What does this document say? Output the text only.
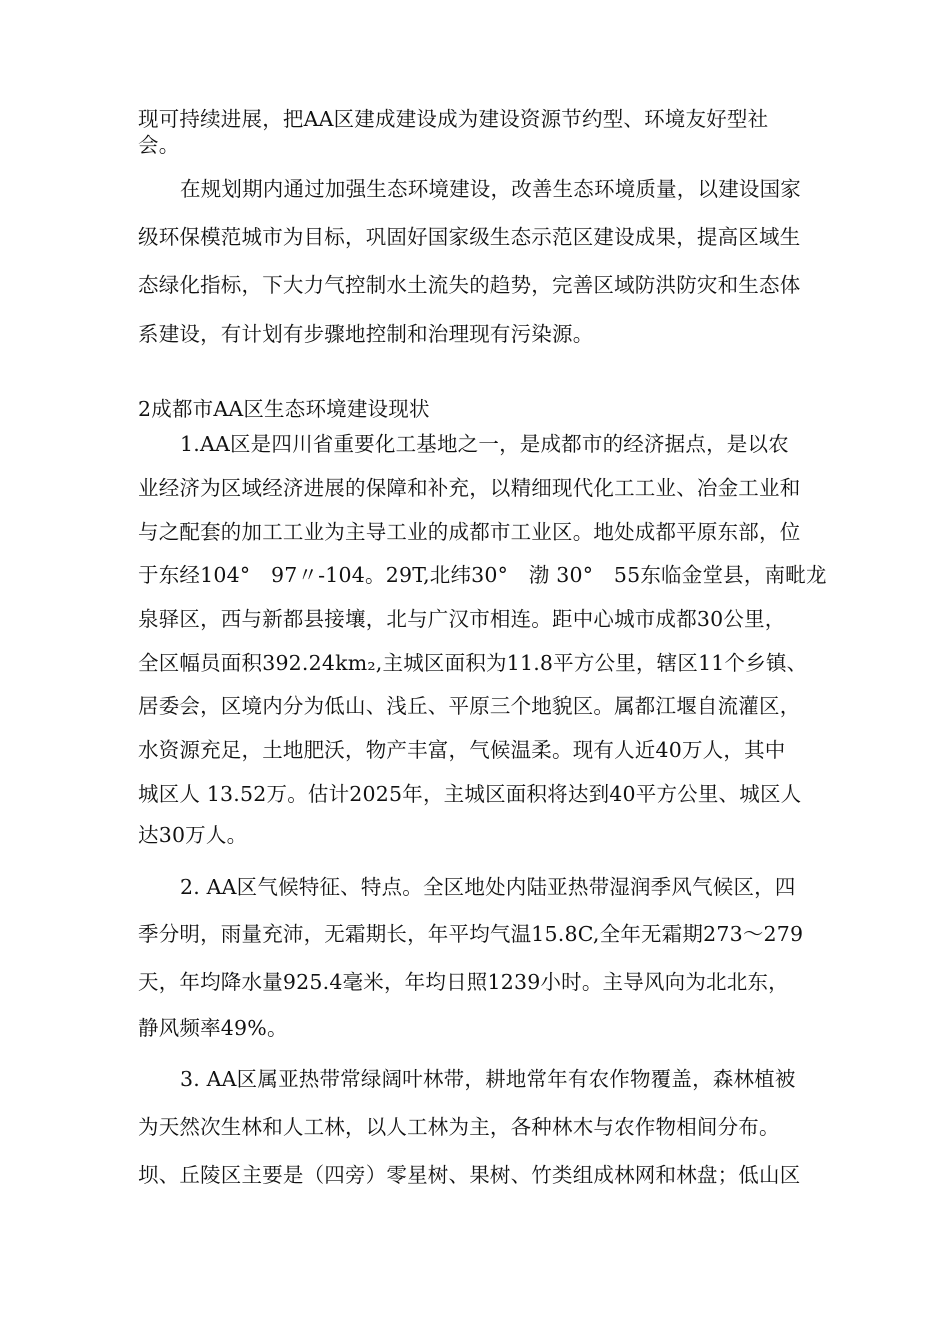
现可持续进展，把AA区建成建设成为建设资源节约型、环境友好型社
会。
在规划期内通过加强生态环境建设，改善生态环境质量，以建设国家
级环保模范城市为目标，巩固好国家级生态示范区建设成果，提高区域生
态绿化指标，下大力气控制水土流失的趋势，完善区域防洪防灾和生态体
系建设，有计划有步骤地控制和治理现有污染源。
2成都市AA区生态环境建设现状
1.AA区是四川省重要化工基地之一，是成都市的经济据点，是以农
业经济为区域经济进展的保障和补充，以精细现代化工工业、冶金工业和
与之配套的加工工业为主导工业的成都市工业区。地处成都平原东部，位
于东经104°　97〃-104。29T,北纬30°　渤 30°　55东临金堂县，南毗龙
泉驿区，西与新都县接壤，北与广汉市相连。距中心城市成都30公里，
全区幅员面积392.24km₂,主城区面积为11.8平方公里，辖区11个乡镇、
居委会，区境内分为低山、浅丘、平原三个地貌区。属都江堰自流灌区，
水资源充足，土地肥沃，物产丰富，气候温柔。现有人近40万人，其中
城区人 13.52万。估计2025年，主城区面积将达到40平方公里、城区人
达30万人。
2. AA区气候特征、特点。全区地处内陆亚热带湿润季风气候区，四
季分明，雨量充沛，无霜期长，年平均气温15.8C,全年无霜期273〜279
天，年均降水量925.4毫米，年均日照1239小时。主导风向为北北东，
静风频率49%。
3. AA区属亚热带常绿阔叶林带，耕地常年有农作物覆盖，森林植被
为天然次生林和人工林，以人工林为主，各种林木与农作物相间分布。
坝、丘陵区主要是（四旁）零星树、果树、竹类组成林网和林盘；低山区
